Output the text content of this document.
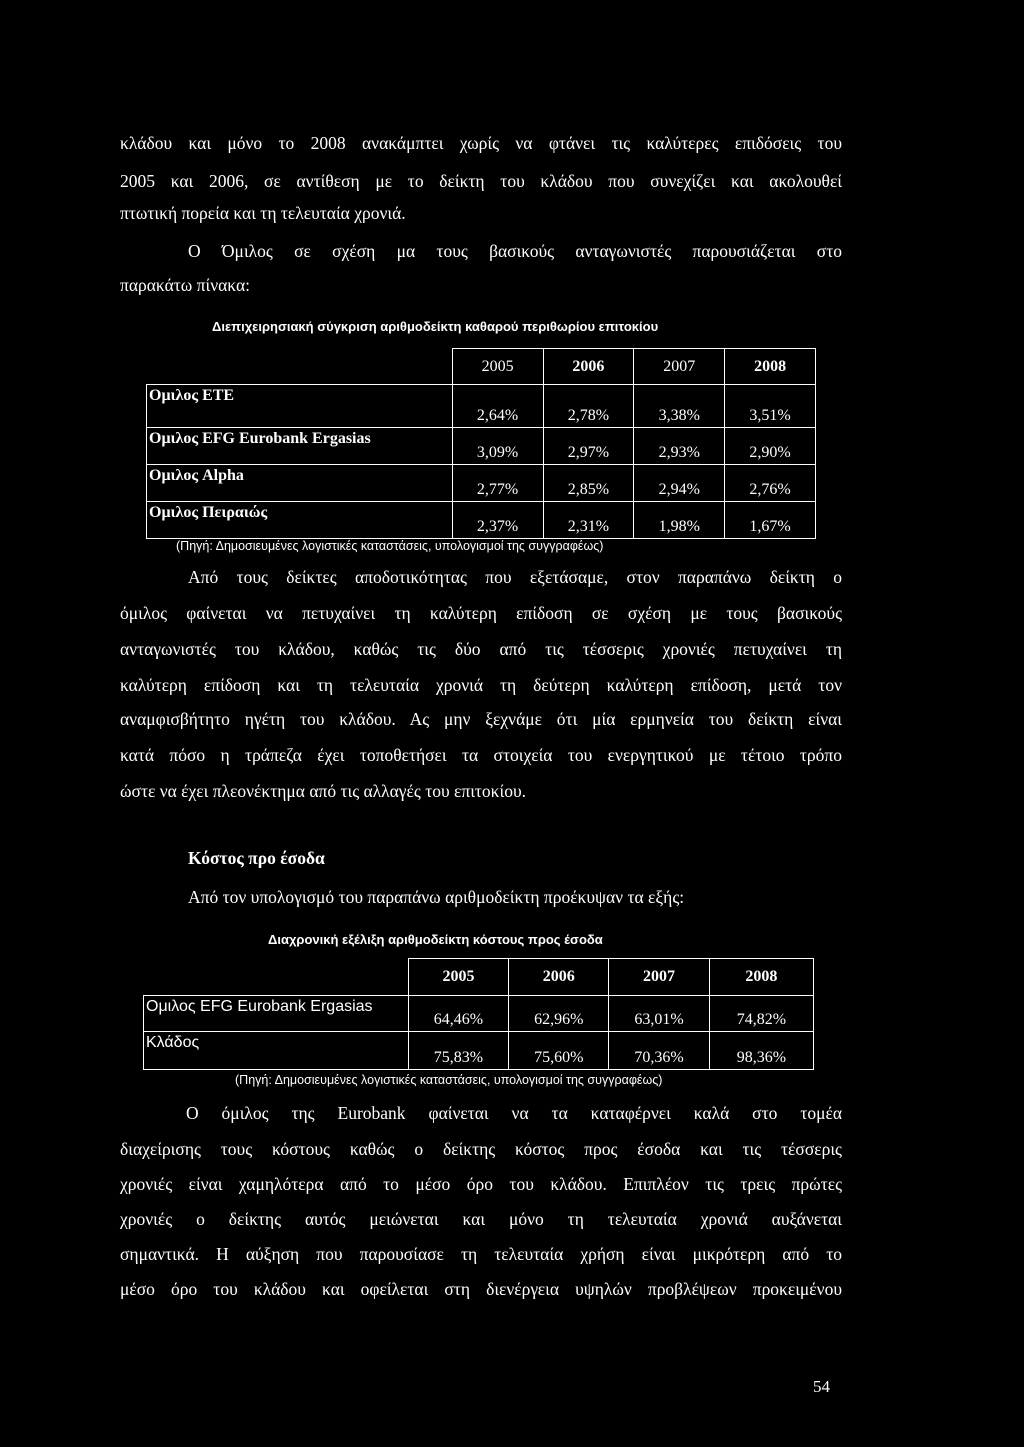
κλάδου και μόνο το 2008 ανακάμπτει χωρίς να φτάνει τις καλύτερες επιδόσεις του
2005 και 2006, σε αντίθεση με το δείκτη του κλάδου που συνεχίζει και ακολουθεί
πτωτική πορεία και τη τελευταία χρονιά.
Ο Όμιλος σε σχέση μα τους βασικούς ανταγωνιστές παρουσιάζεται στο
παρακάτω πίνακα:
Διεπιχειρησιακή σύγκριση αριθμοδείκτη καθαρού περιθωρίου επιτοκίου
	2005	2006	2007	2008
Ομιλος ΕΤΕ	2,64%	2,78%	3,38%	3,51%
Ομιλος EFG Eurobank Ergasias	3,09%	2,97%	2,93%	2,90%
Ομιλος Alpha	2,77%	2,85%	2,94%	2,76%
Ομιλος Πειραιώς	2,37%	2,31%	1,98%	1,67%
(Πηγή: Δημοσιευμένες λογιστικές καταστάσεις, υπολογισμοί της συγγραφέως)
Από τους δείκτες αποδοτικότητας που εξετάσαμε, στον παραπάνω δείκτη ο
όμιλος φαίνεται να πετυχαίνει τη καλύτερη επίδοση σε σχέση με τους βασικούς
ανταγωνιστές του κλάδου, καθώς τις δύο από τις τέσσερις χρονιές πετυχαίνει τη
καλύτερη επίδοση και τη τελευταία χρονιά τη δεύτερη καλύτερη επίδοση, μετά τον
αναμφισβήτητο ηγέτη του κλάδου. Ας μην ξεχνάμε ότι μία ερμηνεία του δείκτη είναι
κατά πόσο η τράπεζα έχει τοποθετήσει τα στοιχεία του ενεργητικού με τέτοιο τρόπο
ώστε να έχει πλεονέκτημα από τις αλλαγές του επιτοκίου.
Κόστος προ έσοδα
Από τον υπολογισμό του παραπάνω αριθμοδείκτη προέκυψαν τα εξής:
Διαχρονική εξέλιξη αριθμοδείκτη κόστους προς έσοδα
	2005	2006	2007	2008
Ομιλος EFG Eurobank Ergasias	64,46%	62,96%	63,01%	74,82%
Κλάδος	75,83%	75,60%	70,36%	98,36%
(Πηγή: Δημοσιευμένες λογιστικές καταστάσεις, υπολογισμοί της συγγραφέως)
Ο όμιλος της Eurobank φαίνεται να τα καταφέρνει καλά στο τομέα
διαχείρισης τους κόστους καθώς ο δείκτης κόστος προς έσοδα και τις τέσσερις
χρονιές είναι χαμηλότερα από το μέσο όρο του κλάδου. Επιπλέον τις τρεις πρώτες
χρονιές ο δείκτης αυτός μειώνεται και μόνο τη τελευταία χρονιά αυξάνεται
σημαντικά. Η αύξηση που παρουσίασε τη τελευταία χρήση είναι μικρότερη από το
μέσο όρο του κλάδου και οφείλεται στη διενέργεια υψηλών προβλέψεων προκειμένου
54
